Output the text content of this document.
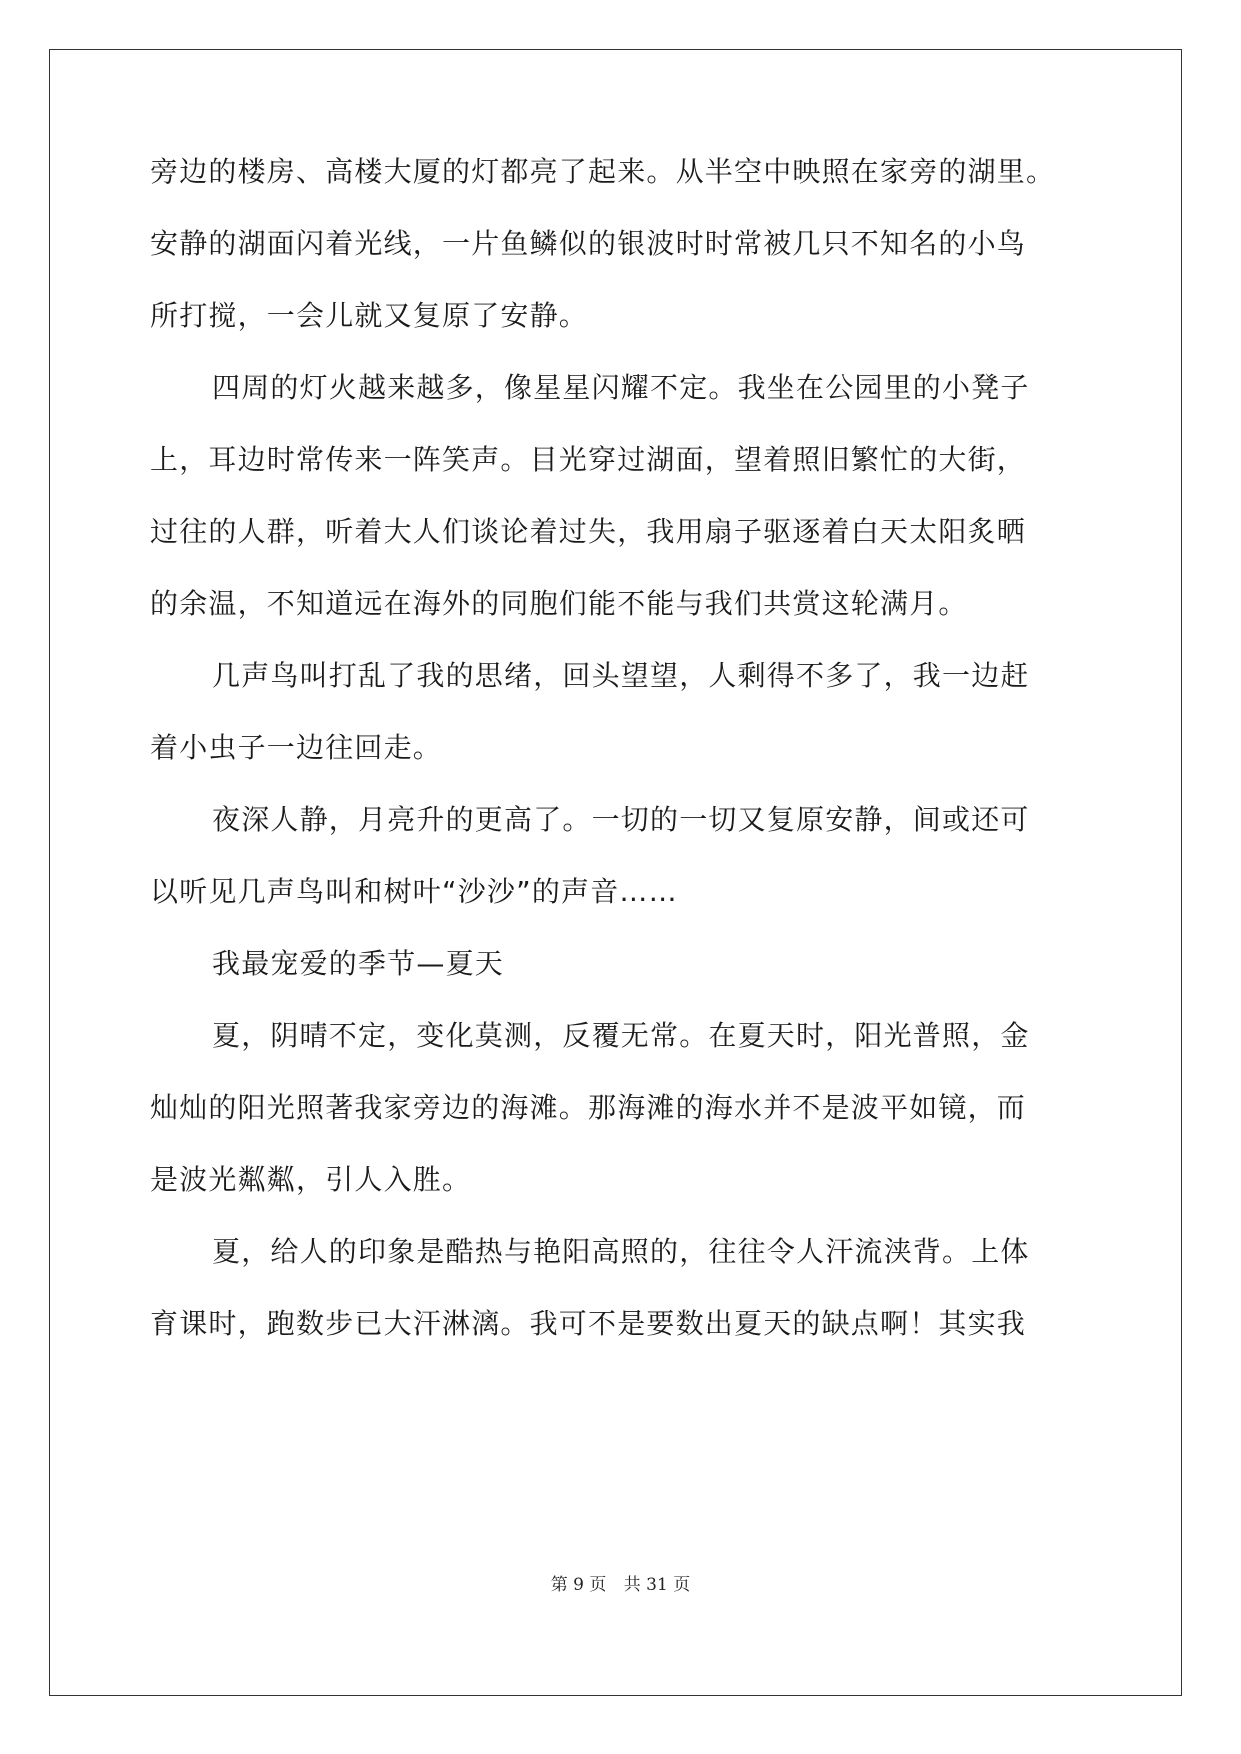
旁边的楼房、高楼大厦的灯都亮了起来。从半空中映照在家旁的湖里。
安静的湖面闪着光线，一片鱼鳞似的银波时时常被几只不知名的小鸟
所打搅，一会儿就又复原了安静。
四周的灯火越来越多，像星星闪耀不定。我坐在公园里的小凳子
上，耳边时常传来一阵笑声。目光穿过湖面，望着照旧繁忙的大街，
过往的人群，听着大人们谈论着过失，我用扇子驱逐着白天太阳炙晒
的余温，不知道远在海外的同胞们能不能与我们共赏这轮满月。
几声鸟叫打乱了我的思绪，回头望望，人剩得不多了，我一边赶
着小虫子一边往回走。
夜深人静，月亮升的更高了。一切的一切又复原安静，间或还可
以听见几声鸟叫和树叶“沙沙”的声音……
我最宠爱的季节—夏天
夏，阴晴不定，变化莫测，反覆无常。在夏天时，阳光普照，金
灿灿的阳光照著我家旁边的海滩。那海滩的海水并不是波平如镜，而
是波光粼粼，引人入胜。
夏，给人的印象是酷热与艳阳高照的，往往令人汗流浃背。上体
育课时，跑数步已大汗淋漓。我可不是要数出夏天的缺点啊！其实我
第 9 页 共 31 页
